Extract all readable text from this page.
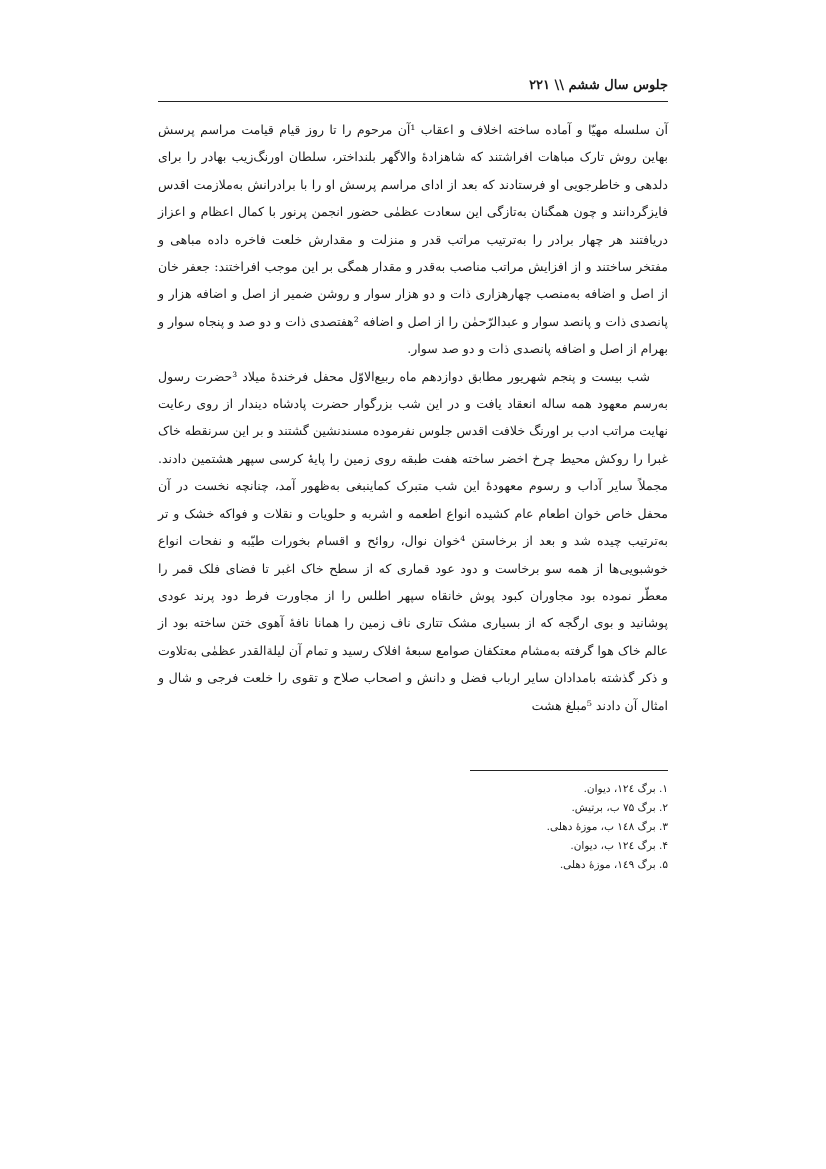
جلوس سال ششم \\ ۲۲۱

آن سلسله مهیّا و آماده ساخته اخلاف و اعقاب ¹آن مرحوم را تا روز قیام قیامت مراسم پرسش بهاین روش تارک مباهات افراشتند که شاهزادهٔ والاگهر بلنداختر، سلطان اورنگ‌زیب بهادر را برای دلدهی و خاطرجویی او فرستادند که بعد از ادای مراسم پرسش او را با برادرانش به‌ملازمت اقدس فایزگردانند و چون همگنان به‌تازگی این سعادت عظمٰی حضور انجمن پرنور با کمال اعظام و اعزاز دریافتند هر چهار برادر را به‌ترتیب مراتب قدر و منزلت و مقدارش خلعت فاخره داده مباهی و مفتخر ساختند و از افزایش مراتب مناصب به‌قدر و مقدار همگی بر این موجب افراختند: جعفر خان از اصل و اضافه به‌منصب چهارهزاری ذات و دو هزار سوار و روشن ضمیر از اصل و اضافه هزار و پانصدی ذات و پانصد سوار و عبدالرّحمٰن را از اصل و اضافه ²هفتصدی ذات و دو صد و پنجاه سوار و بهرام از اصل و اضافه پانصدی ذات و دو صد سوار.

شب بیست و پنجم شهریور مطابق دوازدهم ماه ربیع‌الاوّل محفل فرخندهٔ میلاد ³حضرت رسول به‌رسم معهود همه ساله انعقاد یافت و در این شب بزرگوار حضرت پادشاه دیندار از روی رعایت نهایت مراتب ادب بر اورنگ خلافت اقدس جلوس نفرموده مسندنشین گشتند و بر این سرنقطه خاک غبرا را روکش محیط چرخ اخضر ساخته هفت طبقه روی زمین را پایهٔ کرسی سپهر هشتمین دادند. مجملاً سایر آداب و رسوم معهودهٔ این شب متبرک کماینبغی به‌ظهور آمد، چنانچه نخست در آن محفل خاص خوان اطعام عام کشیده انواع اطعمه و اشربه و حلویات و نقلات و فواکه خشک و تر به‌ترتیب چیده شد و بعد از برخاستن ⁴خوان نوال، روائح و اقسام بخورات طیّبه و نفحات انواع خوشبویی‌ها از همه سو برخاست و دود عود قماری که از سطح خاک اغبر تا فضای فلک قمر را معطّر نموده بود مجاوران کبود پوش خانقاه سپهر اطلس را از مجاورت فرط دود پرند عودی پوشانید و بوی ارگجه که از بسیاری مشک تتاری ناف زمین را همانا نافهٔ آهوی ختن ساخته بود از عالم خاک هوا گرفته به‌مشام معتکفان صوامع سبعهٔ افلاک رسید و تمام آن لیلةالقدر عظمٰی به‌تلاوت و ذکر گذشته بامدادان سایر ارباب فضل و دانش و اصحاب صلاح و تقوی را خلعت فرجی و شال و امثال آن دادند ⁵مبلغ هشت

۱. برگ ۱۲٤، دیوان.
۲. برگ ۷۵ ب، برتیش.
۳. برگ ۱٤۸ ب، موزهٔ دهلی.
۴. برگ ۱۲٤ ب، دیوان.
۵. برگ ۱٤۹، موزهٔ دهلی.
